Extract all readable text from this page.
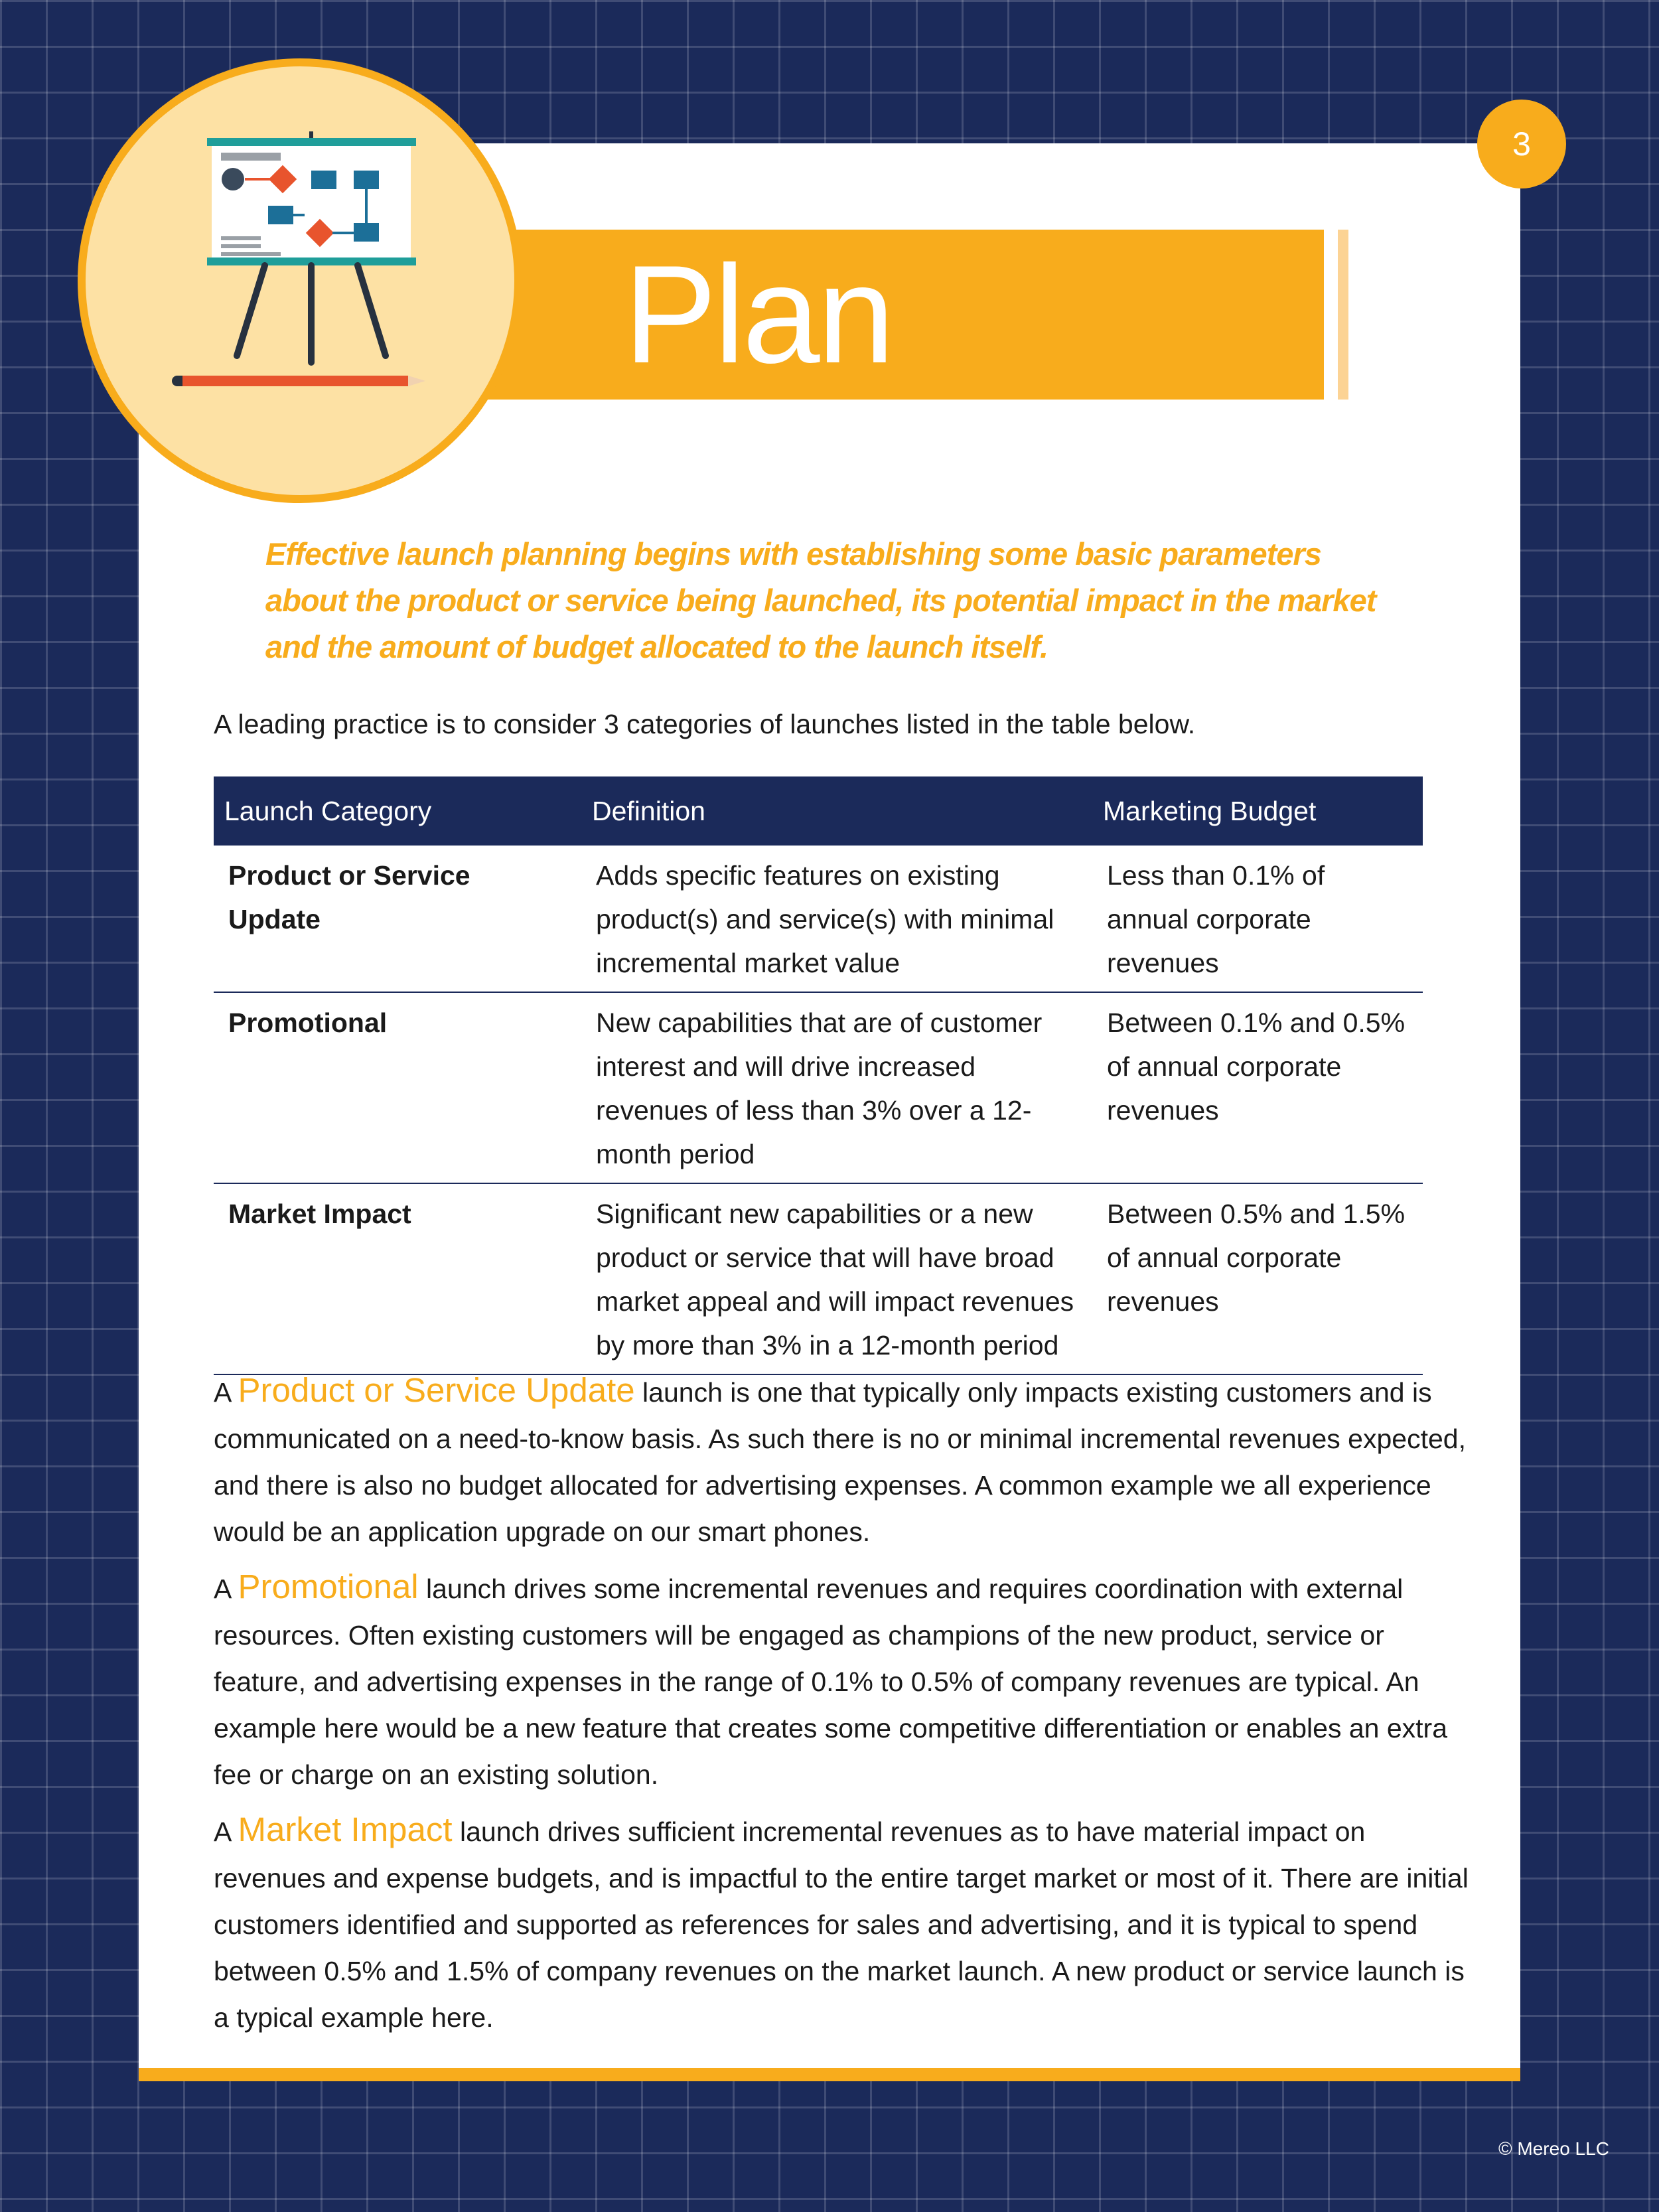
Plan
3
Effective launch planning begins with establishing some basic parameters about the product or service being launched, its potential impact in the market and the amount of budget allocated to the launch itself.
A leading practice is to consider 3 categories of launches listed in the table below.
Launch Category	Definition	Marketing Budget
Product or Service Update	Adds specific features on existing product(s) and service(s) with minimal incremental market value	Less than 0.1% of annual corporate revenues
Promotional	New capabilities that are of customer interest and will drive increased revenues of less than 3% over a 12-month period	Between 0.1% and 0.5% of annual corporate revenues
Market Impact	Significant new capabilities or a new product or service that will have broad market appeal and will impact revenues by more than 3% in a 12-month period	Between 0.5% and 1.5% of annual corporate revenues

A Product or Service Update launch is one that typically only impacts existing customers and is communicated on a need-to-know basis. As such there is no or minimal incremental revenues expected, and there is also no budget allocated for advertising expenses. A common example we all experience would be an application upgrade on our smart phones.

A Promotional launch drives some incremental revenues and requires coordination with external resources. Often existing customers will be engaged as champions of the new product, service or feature, and advertising expenses in the range of 0.1% to 0.5% of company revenues are typical. An example here would be a new feature that creates some competitive differentiation or enables an extra fee or charge on an existing solution.

A Market Impact launch drives sufficient incremental revenues as to have material impact on revenues and expense budgets, and is impactful to the entire target market or most of it. There are initial customers identified and supported as references for sales and advertising, and it is typical to spend between 0.5% and 1.5% of company revenues on the market launch. A new product or service launch is a typical example here.

© Mereo LLC
